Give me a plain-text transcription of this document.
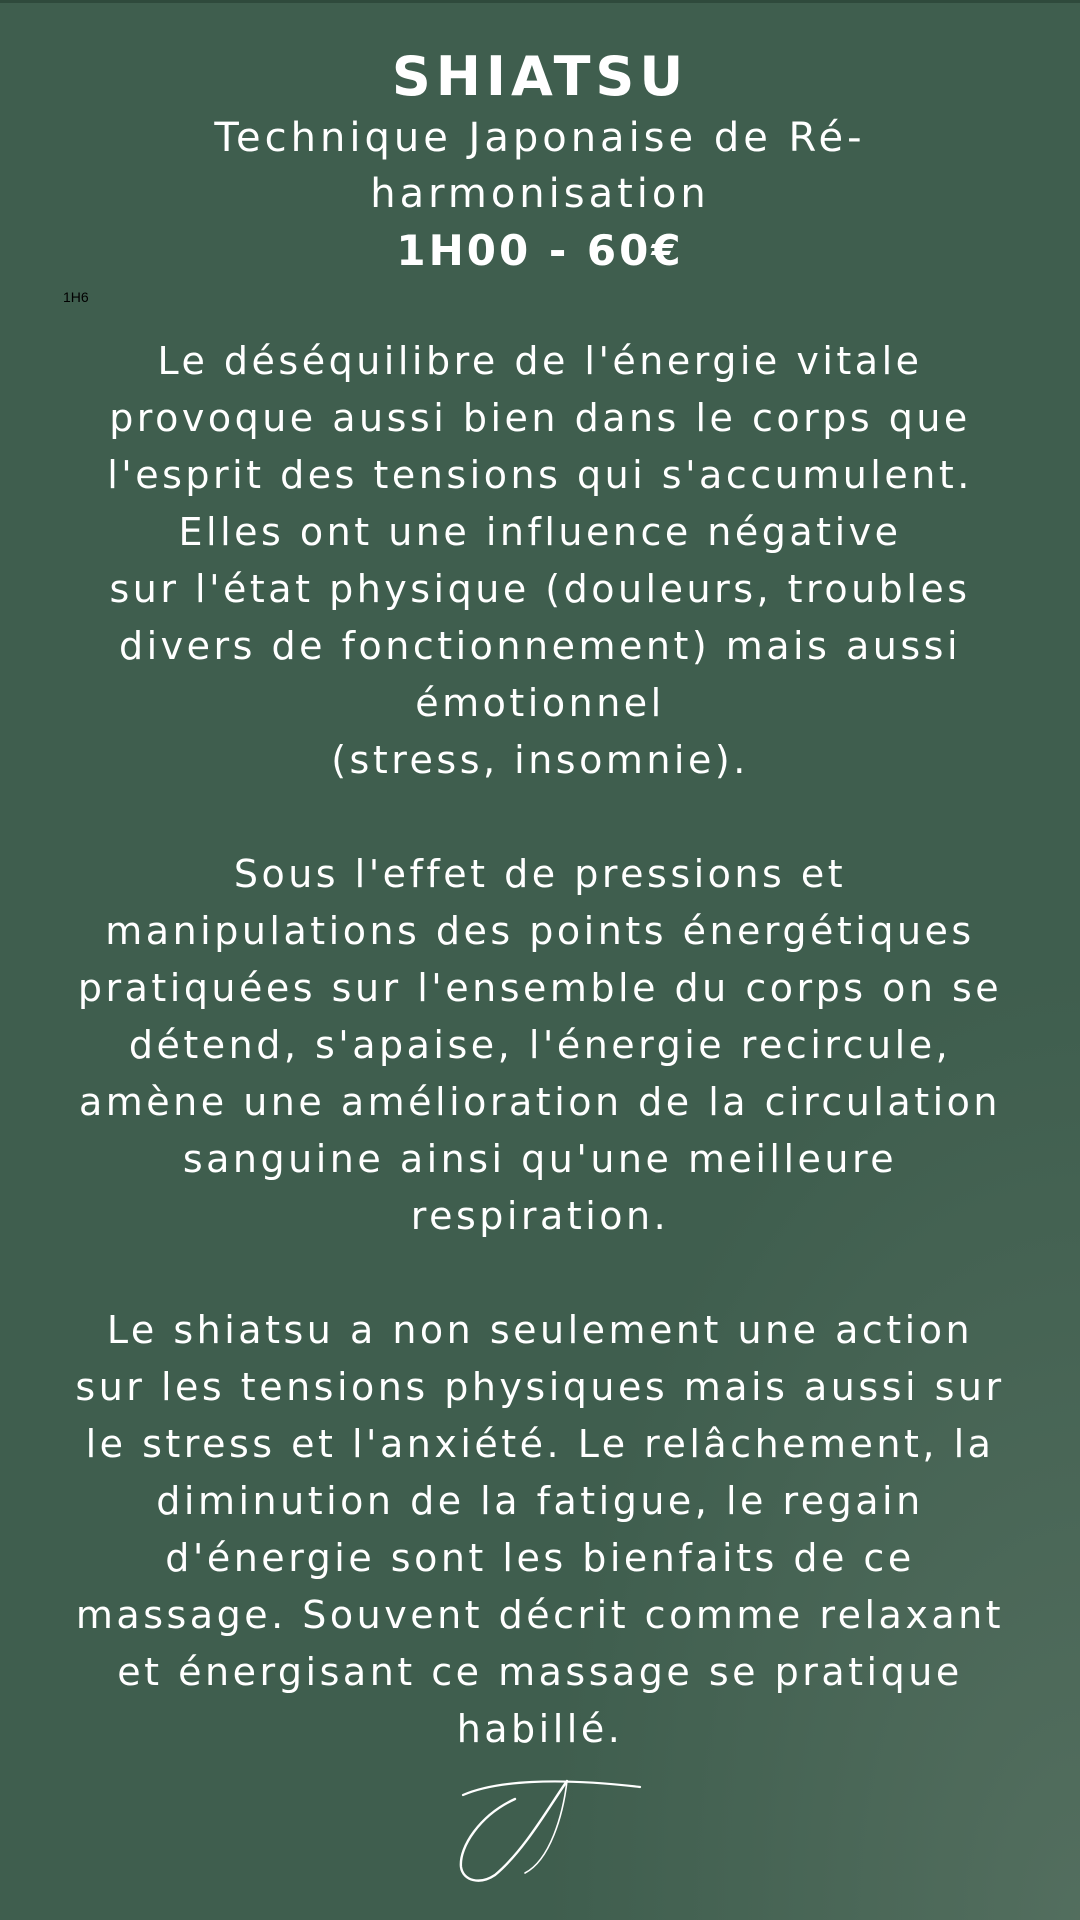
SHIATSU
Technique Japonaise de Ré-
harmonisation
1H00 - 60€
1H6

Le déséquilibre de l'énergie vitale
provoque aussi bien dans le corps que
l'esprit des tensions qui s'accumulent.
Elles ont une influence négative
sur l'état physique (douleurs, troubles
divers de fonctionnement) mais aussi
émotionnel
(stress, insomnie).

Sous l'effet de pressions et
manipulations des points énergétiques
pratiquées sur l'ensemble du corps on se
détend, s'apaise, l'énergie recircule,
amène une amélioration de la circulation
sanguine ainsi qu'une meilleure
respiration.

Le shiatsu a non seulement une action
sur les tensions physiques mais aussi sur
le stress et l'anxiété. Le relâchement, la
diminution de la fatigue, le regain
d'énergie sont les bienfaits de ce
massage. Souvent décrit comme relaxant
et énergisant ce massage se pratique
habillé.
